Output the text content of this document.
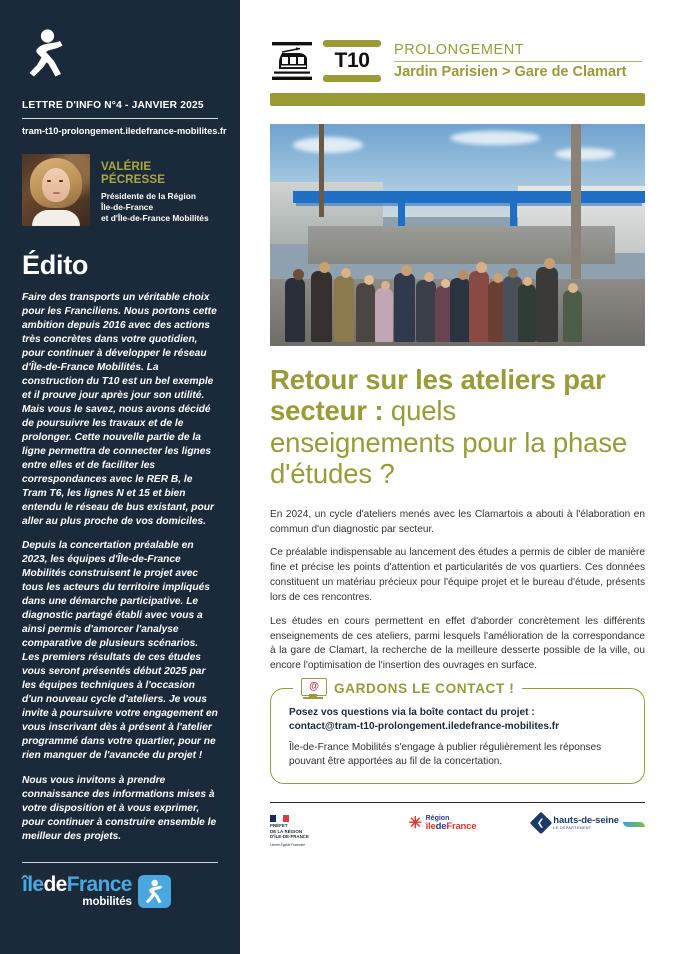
LETTRE D'INFO N°4 - JANVIER 2025
tram-t10-prolongement.iledefrance-mobilites.fr
VALÉRIE
PÉCRESSE
Présidente de la Région
Île-de-France
et d'Île-de-France Mobilités
Édito

Faire des transports un véritable choix pour les Franciliens. Nous portons cette ambition depuis 2016 avec des actions très concrètes dans votre quotidien, pour continuer à développer le réseau d'Île-de-France Mobilités. La construction du T10 est un bel exemple et il prouve jour après jour son utilité. Mais vous le savez, nous avons décidé de poursuivre les travaux et de le prolonger. Cette nouvelle partie de la ligne permettra de connecter les lignes entre elles et de faciliter les correspondances avec le RER B, le Tram T6, les lignes N et 15 et bien entendu le réseau de bus existant, pour aller au plus proche de vos domiciles.

Depuis la concertation préalable en 2023, les équipes d'Île-de-France Mobilités construisent le projet avec tous les acteurs du territoire impliqués dans une démarche participative. Le diagnostic partagé établi avec vous a ainsi permis d'amorcer l'analyse comparative de plusieurs scénarios. Les premiers résultats de ces études vous seront présentés début 2025 par les équipes techniques à l'occasion d'un nouveau cycle d'ateliers. Je vous invite à poursuivre votre engagement en vous inscrivant dès à présent à l'atelier programmé dans votre quartier, pour ne rien manquer de l'avancée du projet !

Nous vous invitons à prendre connaissance des informations mises à votre disposition et à vous exprimer, pour continuer à construire ensemble le meilleur des projets.

îledeFrance
mobilités
T10	PROLONGEMENT
Jardin Parisien > Gare de Clamart
Retour sur les ateliers par secteur : quels enseignements pour la phase d'études ?

En 2024, un cycle d'ateliers menés avec les Clamartois a abouti à l'élaboration en commun d'un diagnostic par secteur.

Ce préalable indispensable au lancement des études a permis de cibler de manière fine et précise les points d'attention et particularités de vos quartiers. Ces données constituent un matériau précieux pour l'équipe projet et le bureau d'étude, présents lors de ces rencontres.

Les études en cours permettent en effet d'aborder concrètement les différents enseignements de ces ateliers, parmi lesquels l'amélioration de la correspondance à la gare de Clamart, la recherche de la meilleure desserte possible de la ville, ou encore l'optimisation de l'insertion des ouvrages en surface.

@	GARDONS LE CONTACT !
Posez vos questions via la boîte contact du projet :
contact@tram-t10-prolongement.iledefrance-mobilites.fr
Île-de-France Mobilités s'engage à publier régulièrement les réponses pouvant être apportées au fil de la concertation.
PRÉFET
DE LA RÉGION
D'ÎLE-DE-FRANCE
Liberté Égalité Fraternité
✳ Région
îledeFrance	❮ hauts-de-seine
LE DÉPARTEMENT
